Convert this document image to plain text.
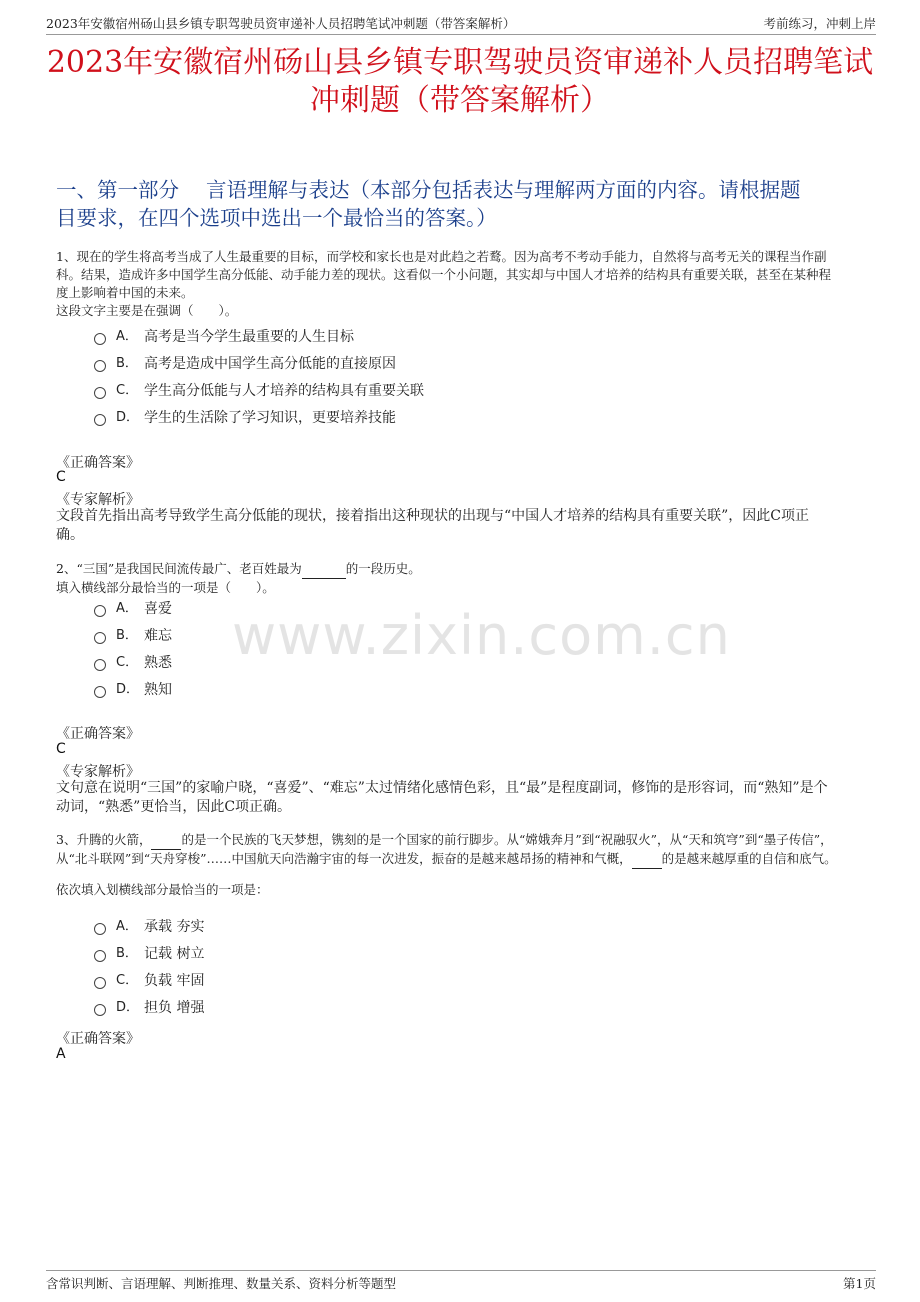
2023年安徽宿州砀山县乡镇专职驾驶员资审递补人员招聘笔试冲刺题（带答案解析）	考前练习，冲刺上岸
2023年安徽宿州砀山县乡镇专职驾驶员资审递补人员招聘笔试
冲刺题（带答案解析）
一、第一部分　 言语理解与表达（本部分包括表达与理解两方面的内容。请根据题
目要求，在四个选项中选出一个最恰当的答案。）
www.zixin.com.cn
1、现在的学生将高考当成了人生最重要的目标，而学校和家长也是对此趋之若鹜。因为高考不考动手能力，自然将与高考无关的课程当作副
科。结果，造成许多中国学生高分低能、动手能力差的现状。这看似一个小问题，其实却与中国人才培养的结构具有重要关联，甚至在某种程
度上影响着中国的未来。
这段文字主要是在强调（　　）。
A． 高考是当今学生最重要的人生目标
B． 高考是造成中国学生高分低能的直接原因
C． 学生高分低能与人才培养的结构具有重要关联
D． 学生的生活除了学习知识，更要培养技能
《正确答案》
C
《专家解析》
文段首先指出高考导致学生高分低能的现状，接着指出这种现状的出现与“中国人才培养的结构具有重要关联”，因此C项正
确。
2、“三国”是我国民间流传最广、老百姓最为	的一段历史。
填入横线部分最恰当的一项是（　　）。
A． 喜爱
B． 难忘
C． 熟悉
D． 熟知
《正确答案》
C
《专家解析》
文句意在说明“三国”的家喻户晓，“喜爱”、“难忘”太过情绪化感情色彩，且“最”是程度副词，修饰的是形容词，而“熟知”是个
动词，“熟悉”更恰当，因此C项正确。
3、升腾的火箭， 的是一个民族的飞天梦想，镌刻的是一个国家的前行脚步。从“嫦娥奔月”到“祝融驭火”，从“天和筑穹”到“墨子传信”，
从“北斗联网”到“天舟穿梭”……中国航天向浩瀚宇宙的每一次进发，振奋的是越来越昂扬的精神和气概， 的是越来越厚重的自信和底气。
依次填入划横线部分最恰当的一项是：
A． 承载 夯实
B． 记载 树立
C． 负载 牢固
D． 担负 增强
《正确答案》
A
含常识判断、言语理解、判断推理、数量关系、资料分析等题型	第1页
